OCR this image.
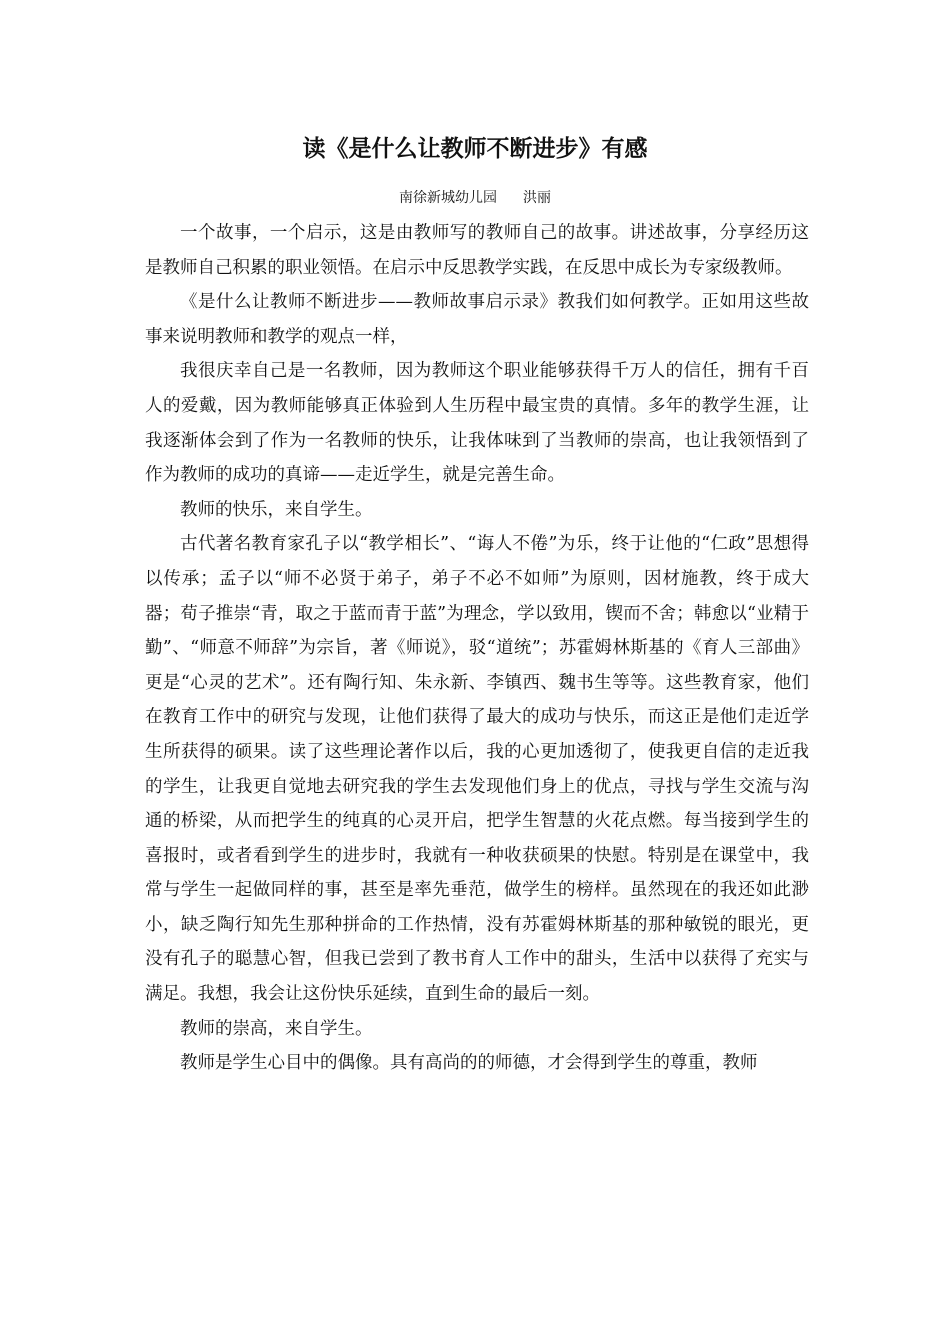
读《是什么让教师不断进步》有感
南徐新城幼儿园 洪丽

一个故事，一个启示，这是由教师写的教师自己的故事。讲述故事，分享经历这是教师自己积累的职业领悟。在启示中反思教学实践，在反思中成长为专家级教师。

《是什么让教师不断进步——教师故事启示录》教我们如何教学。正如用这些故事来说明教师和教学的观点一样，

我很庆幸自己是一名教师，因为教师这个职业能够获得千万人的信任，拥有千百人的爱戴，因为教师能够真正体验到人生历程中最宝贵的真情。多年的教学生涯，让我逐渐体会到了作为一名教师的快乐，让我体味到了当教师的崇高，也让我领悟到了作为教师的成功的真谛——走近学生，就是完善生命。

教师的快乐，来自学生。

古代著名教育家孔子以“教学相长”、“诲人不倦”为乐，终于让他的“仁政”思想得以传承；孟子以“师不必贤于弟子，弟子不必不如师”为原则，因材施教，终于成大器；荀子推崇“青，取之于蓝而青于蓝”为理念，学以致用，锲而不舍；韩愈以“业精于勤”、“师意不师辞”为宗旨，著《师说》，驳“道统”；苏霍姆林斯基的《育人三部曲》更是“心灵的艺术”。还有陶行知、朱永新、李镇西、魏书生等等。这些教育家，他们在教育工作中的研究与发现，让他们获得了最大的成功与快乐，而这正是他们走近学生所获得的硕果。读了这些理论著作以后，我的心更加透彻了，使我更自信的走近我的学生，让我更自觉地去研究我的学生去发现他们身上的优点，寻找与学生交流与沟通的桥梁，从而把学生的纯真的心灵开启，把学生智慧的火花点燃。每当接到学生的喜报时，或者看到学生的进步时，我就有一种收获硕果的快慰。特别是在课堂中，我常与学生一起做同样的事，甚至是率先垂范，做学生的榜样。虽然现在的我还如此渺小，缺乏陶行知先生那种拼命的工作热情，没有苏霍姆林斯基的那种敏锐的眼光，更没有孔子的聪慧心智，但我已尝到了教书育人工作中的甜头，生活中以获得了充实与满足。我想，我会让这份快乐延续，直到生命的最后一刻。

教师的崇高，来自学生。

教师是学生心目中的偶像。具有高尚的的师德，才会得到学生的尊重，教师
